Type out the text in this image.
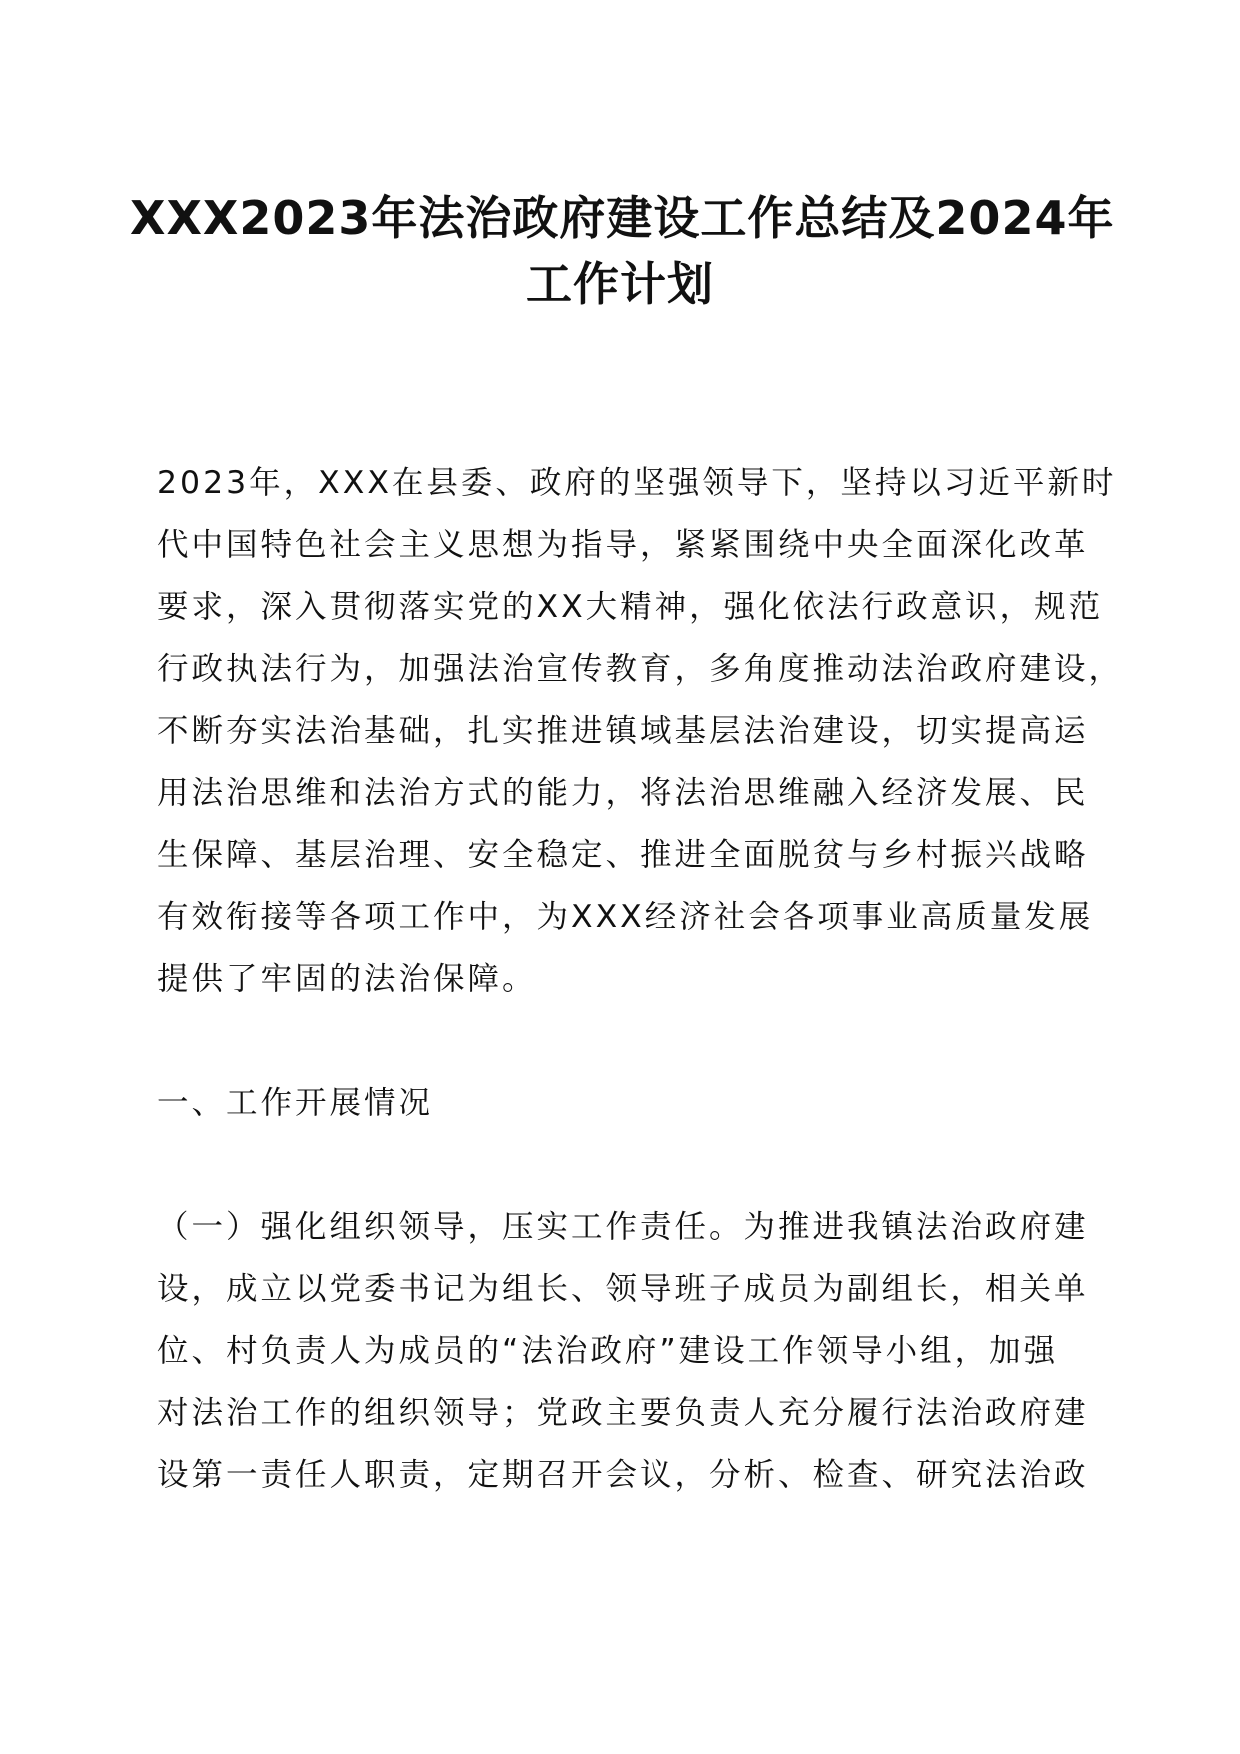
XXX2023年法治政府建设工作总结及2024年
工作计划
2023年，XXX在县委、政府的坚强领导下，坚持以习近平新时
代中国特色社会主义思想为指导，紧紧围绕中央全面深化改革
要求，深入贯彻落实党的XX大精神，强化依法行政意识，规范
行政执法行为，加强法治宣传教育，多角度推动法治政府建设，
不断夯实法治基础，扎实推进镇域基层法治建设，切实提高运
用法治思维和法治方式的能力，将法治思维融入经济发展、民
生保障、基层治理、安全稳定、推进全面脱贫与乡村振兴战略
有效衔接等各项工作中，为XXX经济社会各项事业高质量发展
提供了牢固的法治保障。
一、工作开展情况
（一）强化组织领导，压实工作责任。为推进我镇法治政府建
设，成立以党委书记为组长、领导班子成员为副组长，相关单
位、村负责人为成员的“法治政府”建设工作领导小组，加强
对法治工作的组织领导；党政主要负责人充分履行法治政府建
设第一责任人职责，定期召开会议，分析、检查、研究法治政
